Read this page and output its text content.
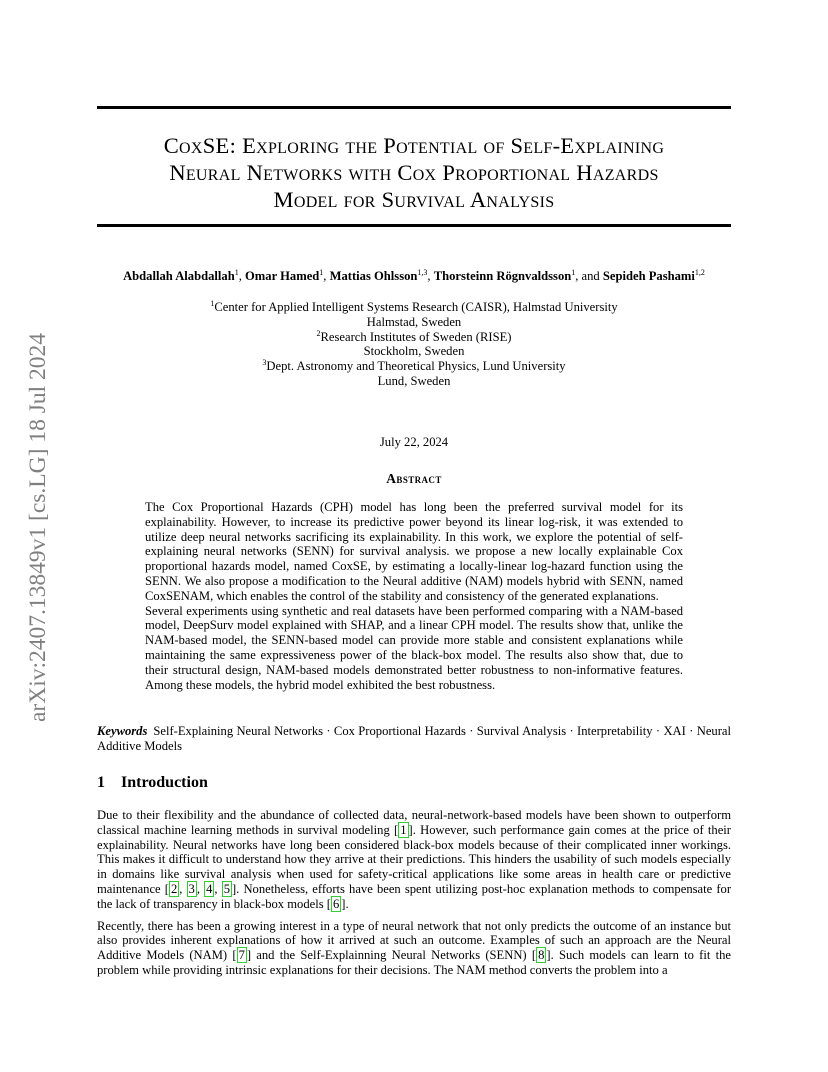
arXiv:2407.13849v1 [cs.LG] 18 Jul 2024
CoxSE: Exploring the Potential of Self-Explaining
Neural Networks with Cox Proportional Hazards
Model for Survival Analysis
Abdallah Alabdallah$^1$, Omar Hamed$^1$, Mattias Ohlsson$^{1,3}$, Thorsteinn Rögnvaldsson$^1$, and Sepideh Pashami$^{1,2}$
$^1$Center for Applied Intelligent Systems Research (CAISR), Halmstad University
Halmstad, Sweden
$^2$Research Institutes of Sweden (RISE)
Stockholm, Sweden
$^3$Dept. Astronomy and Theoretical Physics, Lund University
Lund, Sweden
July 22, 2024
Abstract

The Cox Proportional Hazards (CPH) model has long been the preferred survival model for its explainability. However, to increase its predictive power beyond its linear log-risk, it was extended to utilize deep neural networks sacrificing its explainability. In this work, we explore the potential of self-explaining neural networks (SENN) for survival analysis. we propose a new locally explainable Cox proportional hazards model, named CoxSE, by estimating a locally-linear log-hazard function using the SENN. We also propose a modification to the Neural additive (NAM) models hybrid with SENN, named CoxSENAM, which enables the control of the stability and consistency of the generated explanations.

Several experiments using synthetic and real datasets have been performed comparing with a NAM-based model, DeepSurv model explained with SHAP, and a linear CPH model. The results show that, unlike the NAM-based model, the SENN-based model can provide more stable and consistent explanations while maintaining the same expressiveness power of the black-box model. The results also show that, due to their structural design, NAM-based models demonstrated better robustness to non-informative features. Among these models, the hybrid model exhibited the best robustness.

Keywords Self-Explaining Neural Networks · Cox Proportional Hazards · Survival Analysis · Interpretability · XAI · Neural Additive Models
1 Introduction

Due to their flexibility and the abundance of collected data, neural-network-based models have been shown to outperform classical machine learning methods in survival modeling [ 1 ]. However, such performance gain comes at the price of their explainability. Neural networks have long been considered black-box models because of their complicated inner workings. This makes it difficult to understand how they arrive at their predictions. This hinders the usability of such models especially in domains like survival analysis when used for safety-critical applications like some areas in health care or predictive maintenance [ 2 , 3 , 4 , 5 ]. Nonetheless, efforts have been spent utilizing post-hoc explanation methods to compensate for the lack of transparency in black-box models [ 6 ].

Recently, there has been a growing interest in a type of neural network that not only predicts the outcome of an instance but also provides inherent explanations of how it arrived at such an outcome. Examples of such an approach are the Neural Additive Models (NAM) [ 7 ] and the Self-Explainning Neural Networks (SENN) [ 8 ]. Such models can learn to fit the problem while providing intrinsic explanations for their decisions. The NAM method converts the problem into a
